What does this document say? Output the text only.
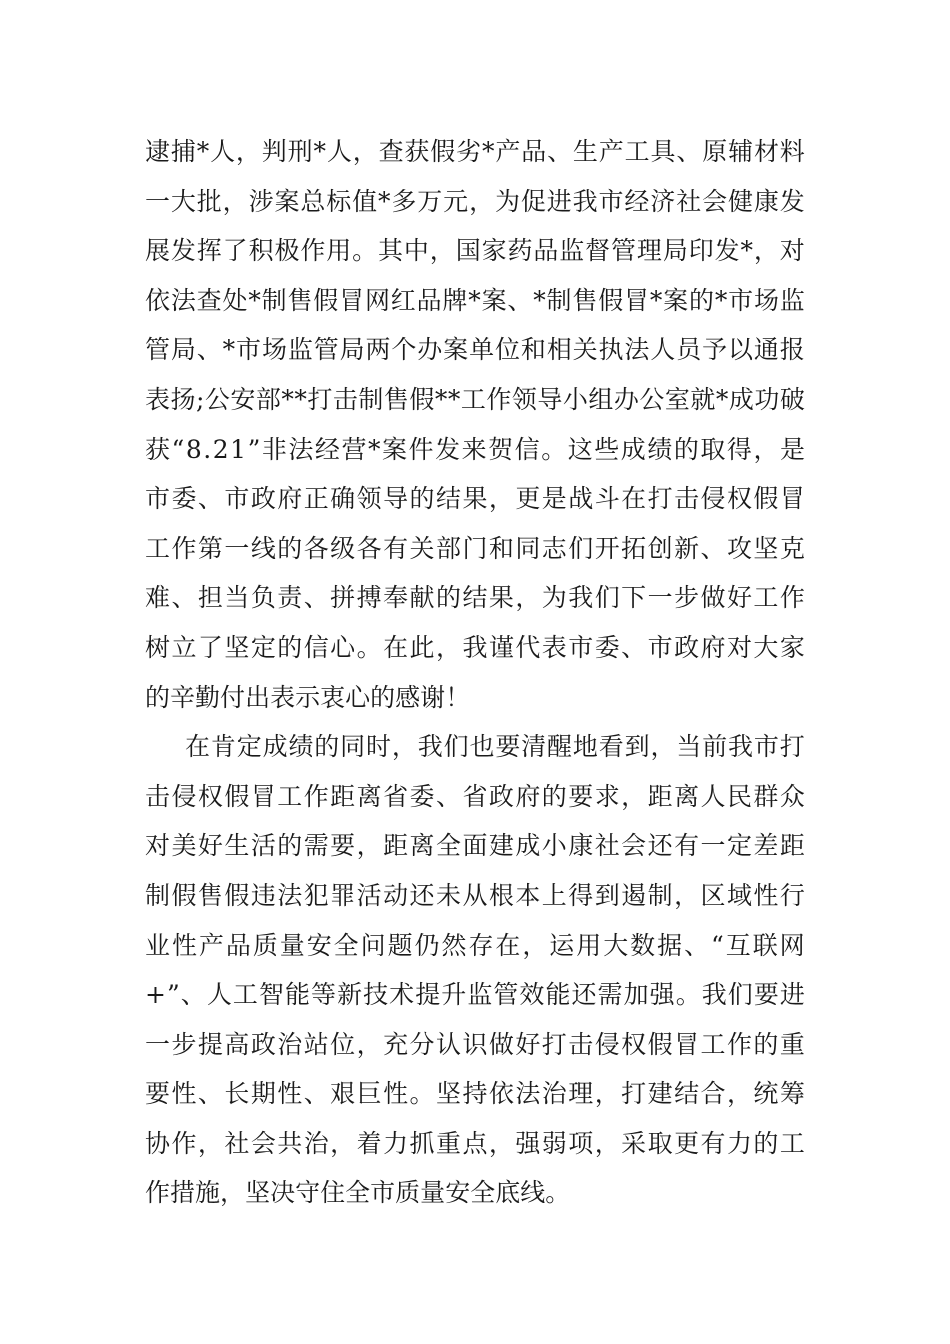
逮 捕 * 人 ， 判 刑 * 人 ， 查 获 假 劣 * 产 品 、 生 产 工 具 、 原 辅 材 料
一 大 批 ， 涉 案 总 标 值 * 多 万 元 ， 为 促 进 我 市 经 济 社 会 健 康 发
展 发 挥 了 积 极 作 用 。 其 中 ， 国 家 药 品 监 督 管 理 局 印 发 * ， 对
依 法 查 处 * 制 售 假 冒 网 红 品 牌 * 案 、 * 制 售 假 冒 * 案 的 * 市 场 监
管 局 、 * 市 场 监 管 局 两 个 办 案 单 位 和 相 关 执 法 人 员 予 以 通 报
表 扬 ; 公 安 部 * * 打 击 制 售 假 * * 工 作 领 导 小 组 办 公 室 就 * 成 功 破
获 “ 8 . 2 1 ” 非 法 经 营 * 案 件 发 来 贺 信 。 这 些 成 绩 的 取 得 ， 是
市 委 、 市 政 府 正 确 领 导 的 结 果 ， 更 是 战 斗 在 打 击 侵 权 假 冒
工 作 第 一 线 的 各 级 各 有 关 部 门 和 同 志 们 开 拓 创 新 、 攻 坚 克
难 、 担 当 负 责 、 拼 搏 奉 献 的 结 果 ， 为 我 们 下 一 步 做 好 工 作
树 立 了 坚 定 的 信 心 。 在 此 ， 我 谨 代 表 市 委 、 市 政 府 对 大 家
的 辛 勤 付 出 表 示 衷 心 的 感 谢 ！
在 肯 定 成 绩 的 同 时 ， 我 们 也 要 清 醒 地 看 到 ， 当 前 我 市 打
击 侵 权 假 冒 工 作 距 离 省 委 、 省 政 府 的 要 求 ， 距 离 人 民 群 众
对 美 好 生 活 的 需 要 ， 距 离 全 面 建 成 小 康 社 会 还 有 一 定 差 距
制 假 售 假 违 法 犯 罪 活 动 还 未 从 根 本 上 得 到 遏 制 ， 区 域 性 行
业 性 产 品 质 量 安 全 问 题 仍 然 存 在 ， 运 用 大 数 据 、 “ 互 联 网
+ ” 、 人 工 智 能 等 新 技 术 提 升 监 管 效 能 还 需 加 强 。 我 们 要 进
一 步 提 高 政 治 站 位 ， 充 分 认 识 做 好 打 击 侵 权 假 冒 工 作 的 重
要 性 、 长 期 性 、 艰 巨 性 。 坚 持 依 法 治 理 ， 打 建 结 合 ， 统 筹
协 作 ， 社 会 共 治 ， 着 力 抓 重 点 ， 强 弱 项 ， 采 取 更 有 力 的 工
作 措 施 ， 坚 决 守 住 全 市 质 量 安 全 底 线 。
